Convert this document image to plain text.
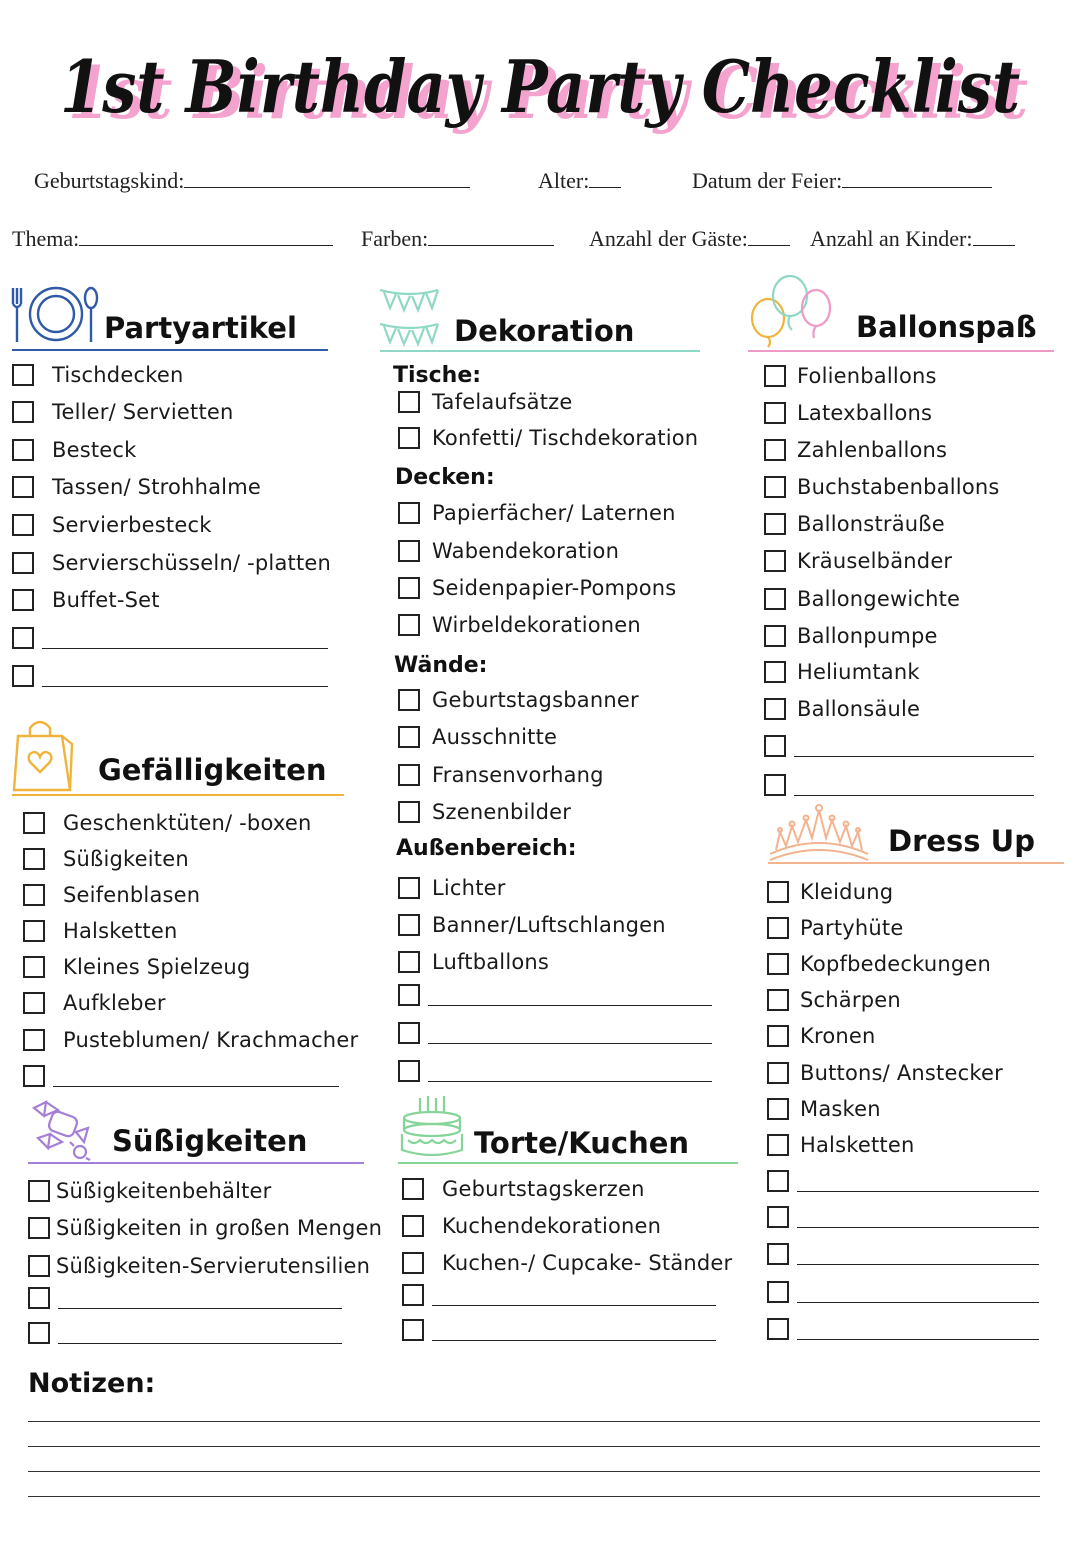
1st Birthday Party Checklist
1st Birthday Party Checklist
Geburtstagskind:	Alter:	Datum der Feier:
Thema:	Farben:	Anzahl der Gäste:	Anzahl an Kinder:
Partyartikel
Tischdecken
Teller/ Servietten
Besteck
Tassen/ Strohhalme
Servierbesteck
Servierschüsseln/ -platten
Buffet-Set
Gefälligkeiten
Geschenktüten/ -boxen
Süßigkeiten
Seifenblasen
Halsketten
Kleines Spielzeug
Aufkleber
Pusteblumen/ Krachmacher
Süßigkeiten
Süßigkeitenbehälter
Süßigkeiten in großen Mengen
Süßigkeiten-Servierutensilien
Dekoration
Tische:
Tafelaufsätze
Konfetti/ Tischdekoration
Decken:
Papierfächer/ Laternen
Wabendekoration
Seidenpapier-Pompons
Wirbeldekorationen
Wände:
Geburtstagsbanner
Ausschnitte
Fransenvorhang
Szenenbilder
Außenbereich:
Lichter
Banner/Luftschlangen
Luftballons
Torte/Kuchen
Geburtstagskerzen
Kuchendekorationen
Kuchen-/ Cupcake- Ständer
Ballonspaß
Folienballons
Latexballons
Zahlenballons
Buchstabenballons
Ballonsträuße
Kräuselbänder
Ballongewichte
Ballonpumpe
Heliumtank
Ballonsäule
Dress Up
Kleidung
Partyhüte
Kopfbedeckungen
Schärpen
Kronen
Buttons/ Anstecker
Masken
Halsketten
Notizen:
